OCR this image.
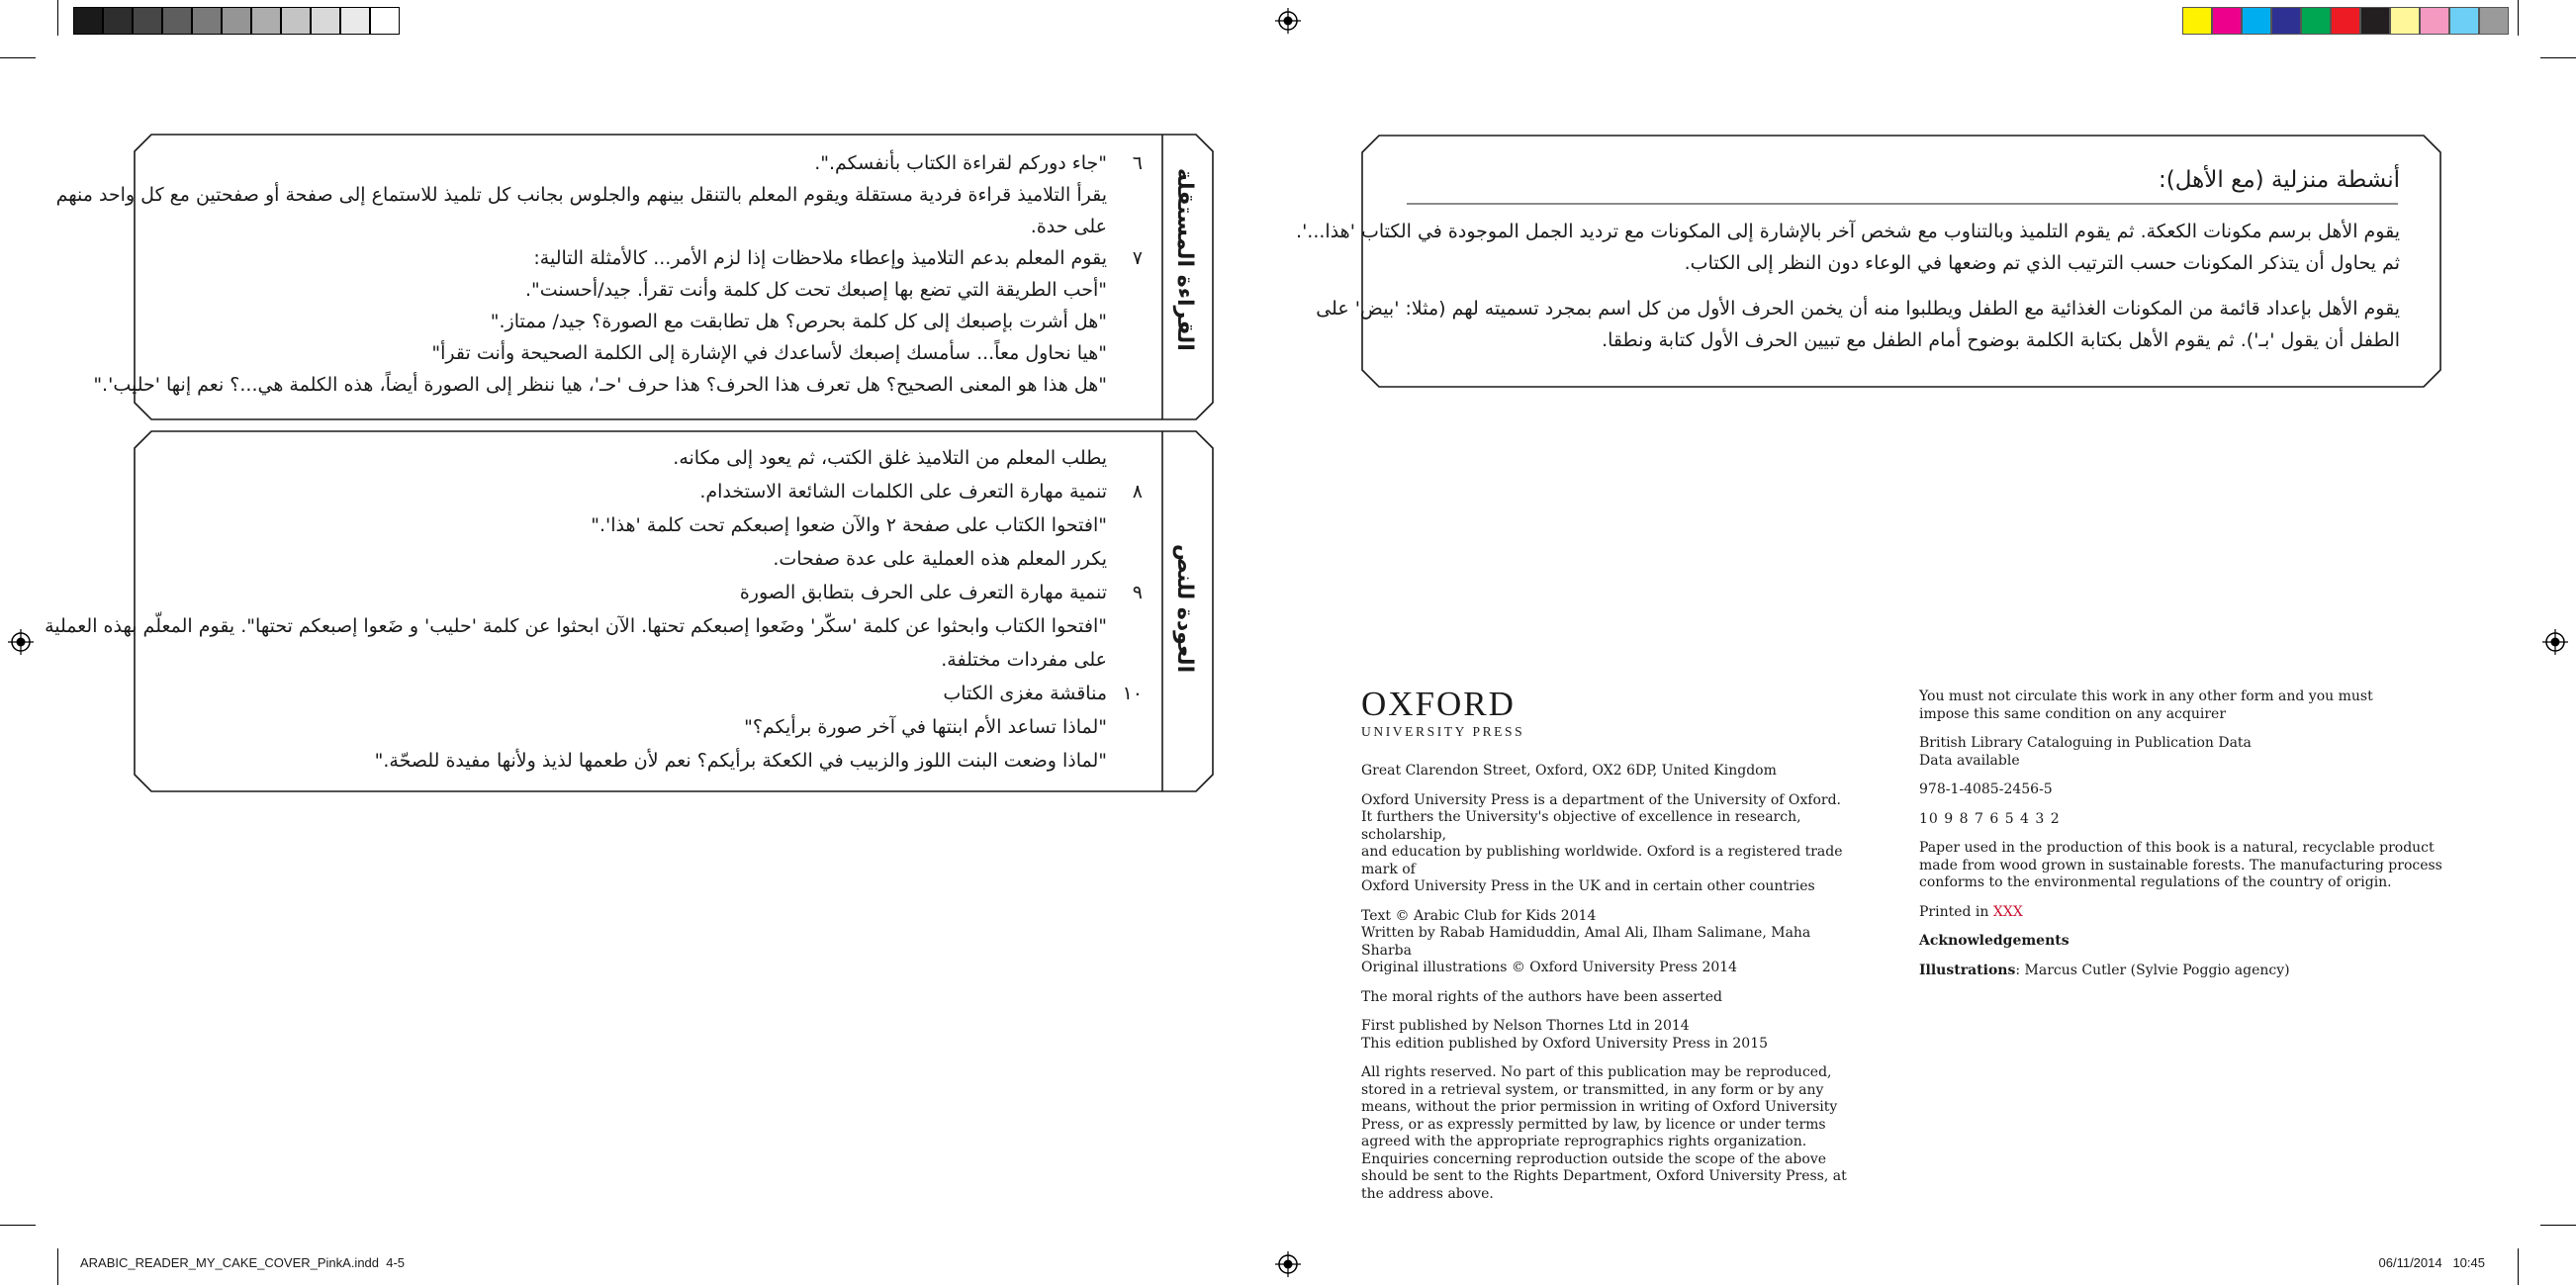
القراءة المستقلة
٦"جاء دوركم لقراءة الكتاب بأنفسكم.".
يقرأ التلاميذ قراءة فردية مستقلة ويقوم المعلم بالتنقل بينهم والجلوس بجانب كل تلميذ للاستماع إلى صفحة أو صفحتين مع كل واحد منهم
على حدة.
٧يقوم المعلم بدعم التلاميذ وإعطاء ملاحظات إذا لزم الأمر... كالأمثلة التالية:
"أحب الطريقة التي تضع بها إصبعك تحت كل كلمة وأنت تقرأ. جيد/أحسنت".
"هل أشرت بإصبعك إلى كل كلمة بحرص؟ هل تطابقت مع الصورة؟ جيد/ ممتاز."
"هيا نحاول معاً... سأمسك إصبعك لأساعدك في الإشارة إلى الكلمة الصحيحة وأنت تقرأ"
"هل هذا هو المعنى الصحيح؟ هل تعرف هذا الحرف؟ هذا حرف 'حـ'، هيا ننظر إلى الصورة أيضاً، هذه الكلمة هي...؟ نعم إنها 'حليب'."
العودة للنص
يطلب المعلم من التلاميذ غلق الكتب، ثم يعود إلى مكانه.
٨تنمية مهارة التعرف على الكلمات الشائعة الاستخدام.
"افتحوا الكتاب على صفحة ٢ والآن ضعوا إصبعكم تحت كلمة 'هذا'."
يكرر المعلم هذه العملية على عدة صفحات.
٩تنمية مهارة التعرف على الحرف بتطابق الصورة
"افتحوا الكتاب وابحثوا عن كلمة 'سكّر' وضَعوا إصبعكم تحتها. الآن ابحثوا عن كلمة 'حليب' و ضَعوا إصبعكم تحتها". يقوم المعلّم بهذه العملية
على مفردات مختلفة.
١٠مناقشة مغزى الكتاب
"لماذا تساعد الأم ابنتها في آخر صورة برأيكم؟"
"لماذا وضعت البنت اللوز والزبيب في الكعكة برأيكم؟ نعم لأن طعمها لذيذ ولأنها مفيدة للصحّة."
أنشطة منزلية (مع الأهل):
يقوم الأهل برسم مكونات الكعكة. ثم يقوم التلميذ وبالتناوب مع شخص آخر بالإشارة إلى المكونات مع ترديد الجمل الموجودة في الكتاب 'هذا...'.
ثم يحاول أن يتذكر المكونات حسب الترتيب الذي تم وضعها في الوعاء دون النظر إلى الكتاب.
يقوم الأهل بإعداد قائمة من المكونات الغذائية مع الطفل ويطلبوا منه أن يخمن الحرف الأول من كل اسم بمجرد تسميته لهم (مثلا: 'بيض' على
الطفل أن يقول 'بـ'). ثم يقوم الأهل بكتابة الكلمة بوضوح أمام الطفل مع تبيين الحرف الأول كتابة ونطقا.
OXFORD
UNIVERSITY PRESS

Great Clarendon Street, Oxford, OX2 6DP, United Kingdom

Oxford University Press is a department of the University of Oxford.

It furthers the University's objective of excellence in research, scholarship,

and education by publishing worldwide. Oxford is a registered trade mark of

Oxford University Press in the UK and in certain other countries

Text © Arabic Club for Kids 2014

Written by Rabab Hamiduddin, Amal Ali, Ilham Salimane, Maha Sharba

Original illustrations © Oxford University Press 2014

The moral rights of the authors have been asserted

First published by Nelson Thornes Ltd in 2014

This edition published by Oxford University Press in 2015

All rights reserved. No part of this publication may be reproduced,

stored in a retrieval system, or transmitted, in any form or by any

means, without the prior permission in writing of Oxford University

Press, or as expressly permitted by law, by licence or under terms

agreed with the appropriate reprographics rights organization.

Enquiries concerning reproduction outside the scope of the above

should be sent to the Rights Department, Oxford University Press, at

the address above.

You must not circulate this work in any other form and you must

impose this same condition on any acquirer

British Library Cataloguing in Publication Data

Data available

978-1-4085-2456-5

10 9 8 7 6 5 4 3 2

Paper used in the production of this book is a natural, recyclable product

made from wood grown in sustainable forests. The manufacturing process

conforms to the environmental regulations of the country of origin.

Printed in XXX

Acknowledgements

Illustrations: Marcus Cutler (Sylvie Poggio agency)

ARABIC_READER_MY_CAKE_COVER_PinkA.indd 4-5	06/11/2014 10:45
